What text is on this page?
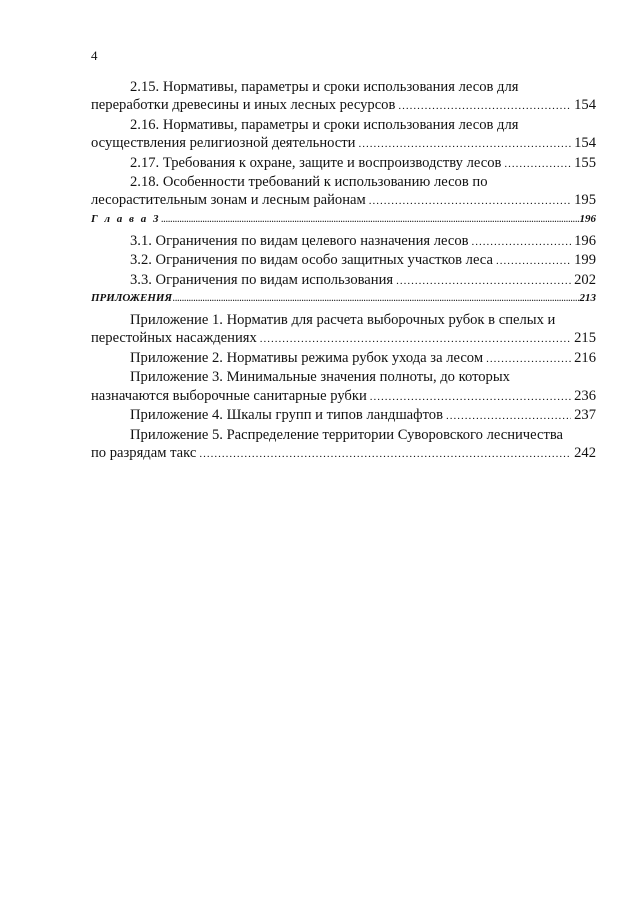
4
2.15. Нормативы, параметры и сроки использования лесов для
переработки древесины и иных лесных ресурсов .....	154
2.16. Нормативы, параметры и сроки использования лесов для
осуществления религиозной деятельности .....	154
2.17. Требования к охране, защите и воспроизводству лесов .....	155
2.18. Особенности требований к использованию лесов по
лесорастительным зонам и лесным районам .....	195
Г л а в а 3 .....	196
3.1. Ограничения по видам целевого назначения лесов .....	196
3.2. Ограничения по видам особо защитных участков леса .....	199
3.3. Ограничения по видам использования .....	202
ПРИЛОЖЕНИЯ .....	213
Приложение 1. Норматив для расчета выборочных рубок в спелых и
перестойных насаждениях .....	215
Приложение 2. Нормативы режима рубок ухода за лесом .....	216
Приложение 3. Минимальные значения полноты, до которых
назначаются выборочные санитарные рубки .....	236
Приложение 4. Шкалы групп и типов ландшафтов .....	237
Приложение 5. Распределение территории Суворовского лесничества
по разрядам такс .....	242
